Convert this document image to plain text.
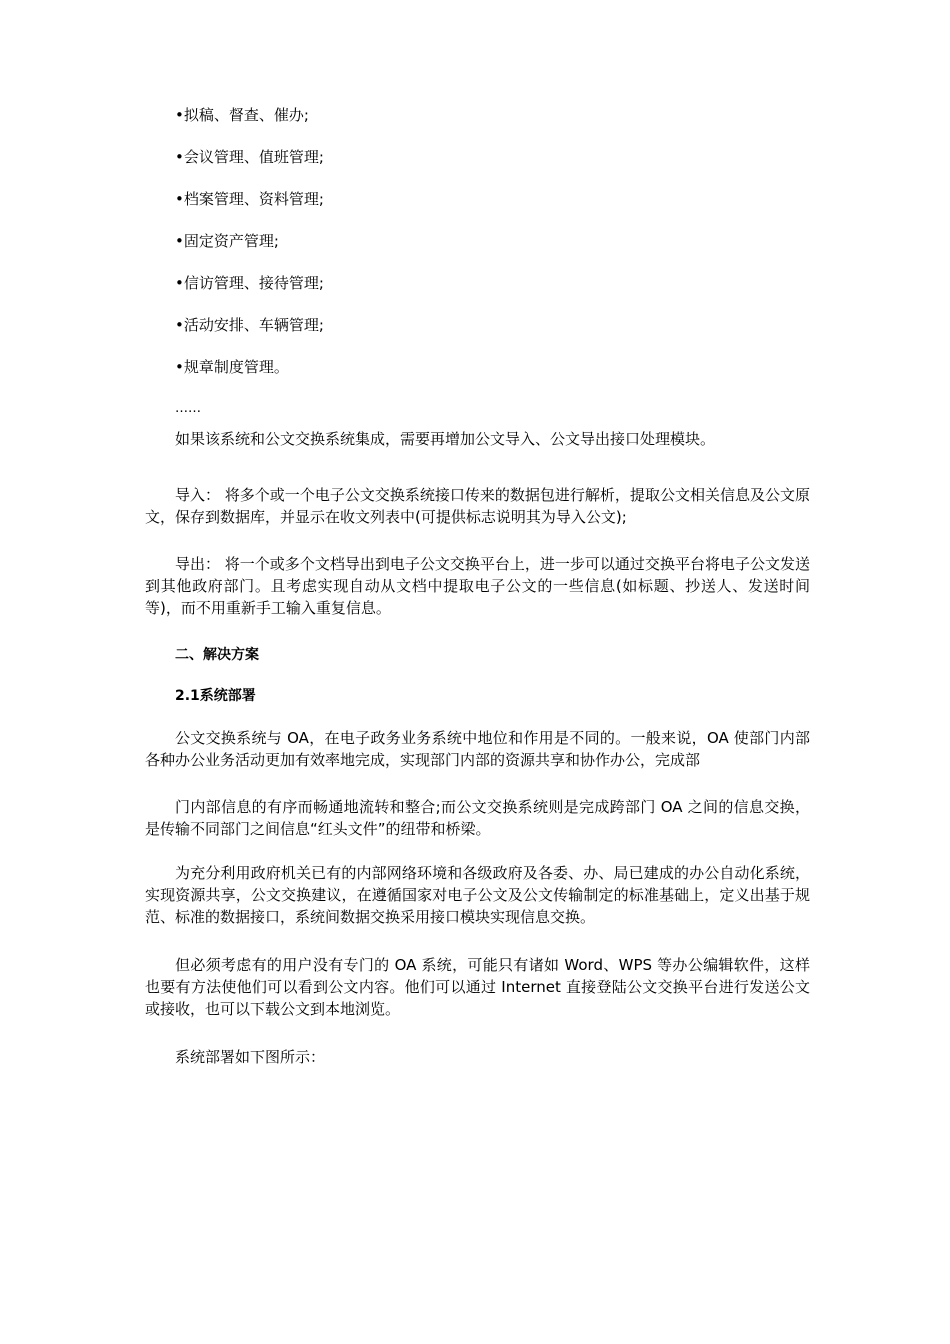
•拟稿、督查、催办;
•会议管理、值班管理;
•档案管理、资料管理;
•固定资产管理;
•信访管理、接待管理;
•活动安排、车辆管理;
•规章制度管理。
……

如果该系统和公文交换系统集成，需要再增加公文导入、公文导出接口处理模块。

导入： 将多个或一个电子公文交换系统接口传来的数据包进行解析，提取公文相关信息及公文原文，保存到数据库，并显示在收文列表中(可提供标志说明其为导入公文);

导出： 将一个或多个文档导出到电子公文交换平台上，进一步可以通过交换平台将电子公文发送到其他政府部门。且考虑实现自动从文档中提取电子公文的一些信息(如标题、抄送人、发送时间等)，而不用重新手工输入重复信息。

二、解决方案
2.1系统部署

公文交换系统与 OA，在电子政务业务系统中地位和作用是不同的。一般来说，OA 使部门内部各种办公业务活动更加有效率地完成，实现部门内部的资源共享和协作办公，完成部

门内部信息的有序而畅通地流转和整合;而公文交换系统则是完成跨部门 OA 之间的信息交换，是传输不同部门之间信息“红头文件”的纽带和桥梁。

为充分利用政府机关已有的内部网络环境和各级政府及各委、办、局已建成的办公自动化系统，实现资源共享，公文交换建议，在遵循国家对电子公文及公文传输制定的标准基础上，定义出基于规范、标准的数据接口，系统间数据交换采用接口模块实现信息交换。

但必须考虑有的用户没有专门的 OA 系统，可能只有诸如 Word、WPS 等办公编辑软件，这样也要有方法使他们可以看到公文内容。他们可以通过 Internet 直接登陆公文交换平台进行发送公文或接收，也可以下载公文到本地浏览。

系统部署如下图所示：
